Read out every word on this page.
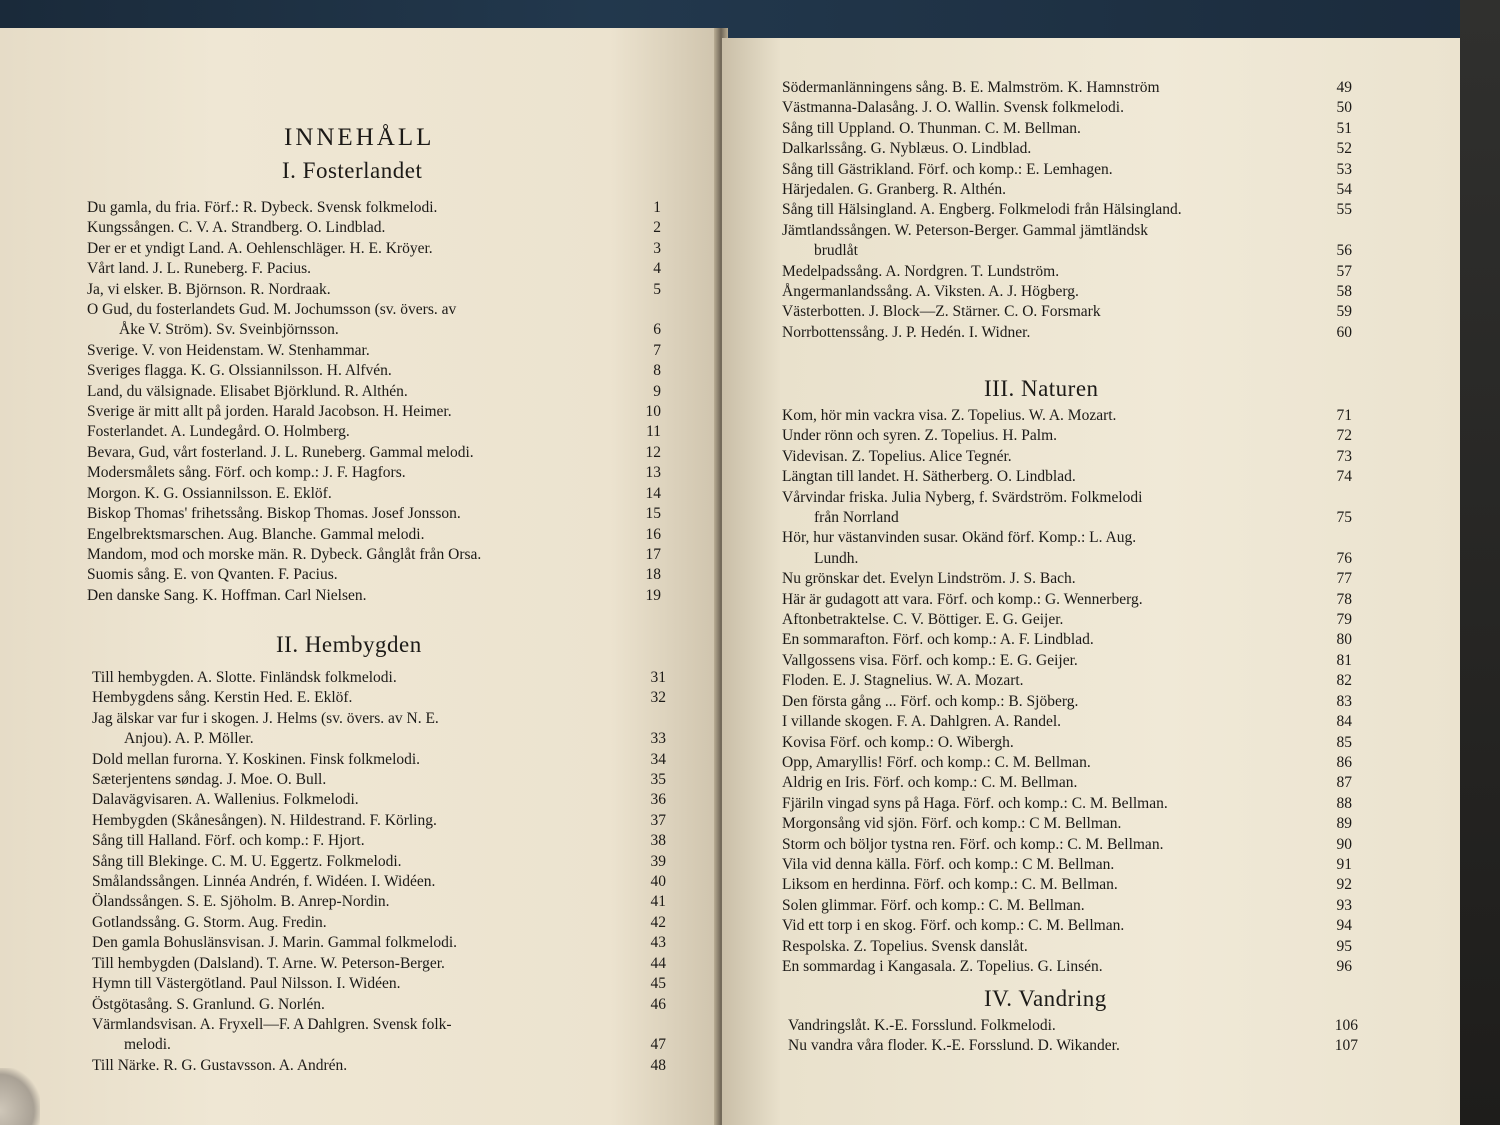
INNEHÅLL
I. Fosterlandet
Du gamla, du fria. Förf.: R. Dybeck. Svensk folkmelodi.	1
Kungssången. C. V. A. Strandberg. O. Lindblad.	2
Der er et yndigt Land. A. Oehlenschläger. H. E. Kröyer.	3
Vårt land. J. L. Runeberg. F. Pacius.	4
Ja, vi elsker. B. Björnson. R. Nordraak.	5
O Gud, du fosterlandets Gud. M. Jochumsson (sv. övers. av
Åke V. Ström). Sv. Sveinbjörnsson.	6
Sverige. V. von Heidenstam. W. Stenhammar.	7
Sveriges flagga. K. G. Olssiannilsson. H. Alfvén.	8
Land, du välsignade. Elisabet Björklund. R. Althén.	9
Sverige är mitt allt på jorden. Harald Jacobson. H. Heimer.	10
Fosterlandet. A. Lundegård. O. Holmberg.	11
Bevara, Gud, vårt fosterland. J. L. Runeberg. Gammal melodi.	12
Modersmålets sång. Förf. och komp.: J. F. Hagfors.	13
Morgon. K. G. Ossiannilsson. E. Eklöf.	14
Biskop Thomas' frihetssång. Biskop Thomas. Josef Jonsson.	15
Engelbrektsmarschen. Aug. Blanche. Gammal melodi.	16
Mandom, mod och morske män. R. Dybeck. Gånglåt från Orsa.	17
Suomis sång. E. von Qvanten. F. Pacius.	18
Den danske Sang. K. Hoffman. Carl Nielsen.	19
II. Hembygden
Till hembygden. A. Slotte. Finländsk folkmelodi.	31
Hembygdens sång. Kerstin Hed. E. Eklöf.	32
Jag älskar var fur i skogen. J. Helms (sv. övers. av N. E.
Anjou). A. P. Möller.	33
Dold mellan furorna. Y. Koskinen. Finsk folkmelodi.	34
Sæterjentens søndag. J. Moe. O. Bull.	35
Dalavägvisaren. A. Wallenius. Folkmelodi.	36
Hembygden (Skånesången). N. Hildestrand. F. Körling.	37
Sång till Halland. Förf. och komp.: F. Hjort.	38
Sång till Blekinge. C. M. U. Eggertz. Folkmelodi.	39
Smålandssången. Linnéa Andrén, f. Widéen. I. Widéen.	40
Ölandssången. S. E. Sjöholm. B. Anrep-Nordin.	41
Gotlandssång. G. Storm. Aug. Fredin.	42
Den gamla Bohuslänsvisan. J. Marin. Gammal folkmelodi.	43
Till hembygden (Dalsland). T. Arne. W. Peterson-Berger.	44
Hymn till Västergötland. Paul Nilsson. I. Widéen.	45
Östgötasång. S. Granlund. G. Norlén.	46
Värmlandsvisan. A. Fryxell—F. A Dahlgren. Svensk folk-
melodi.	47
Till Närke. R. G. Gustavsson. A. Andrén.	48
Södermanlänningens sång. B. E. Malmström. K. Hamnström	49
Västmanna-Dalasång. J. O. Wallin. Svensk folkmelodi.	50
Sång till Uppland. O. Thunman. C. M. Bellman.	51
Dalkarlssång. G. Nyblæus. O. Lindblad.	52
Sång till Gästrikland. Förf. och komp.: E. Lemhagen.	53
Härjedalen. G. Granberg. R. Althén.	54
Sång till Hälsingland. A. Engberg. Folkmelodi från Hälsingland.	55
Jämtlandssången. W. Peterson-Berger. Gammal jämtländsk
brudlåt	56
Medelpadssång. A. Nordgren. T. Lundström.	57
Ångermanlandssång. A. Viksten. A. J. Högberg.	58
Västerbotten. J. Block—Z. Stärner. C. O. Forsmark	59
Norrbottenssång. J. P. Hedén. I. Widner.	60
III. Naturen
Kom, hör min vackra visa. Z. Topelius. W. A. Mozart.	71
Under rönn och syren. Z. Topelius. H. Palm.	72
Videvisan. Z. Topelius. Alice Tegnér.	73
Längtan till landet. H. Sätherberg. O. Lindblad.	74
Vårvindar friska. Julia Nyberg, f. Svärdström. Folkmelodi
från Norrland	75
Hör, hur västanvinden susar. Okänd förf. Komp.: L. Aug.
Lundh.	76
Nu grönskar det. Evelyn Lindström. J. S. Bach.	77
Här är gudagott att vara. Förf. och komp.: G. Wennerberg.	78
Aftonbetraktelse. C. V. Böttiger. E. G. Geijer.	79
En sommarafton. Förf. och komp.: A. F. Lindblad.	80
Vallgossens visa. Förf. och komp.: E. G. Geijer.	81
Floden. E. J. Stagnelius. W. A. Mozart.	82
Den första gång ... Förf. och komp.: B. Sjöberg.	83
I villande skogen. F. A. Dahlgren. A. Randel.	84
Kovisa Förf. och komp.: O. Wibergh.	85
Opp, Amaryllis! Förf. och komp.: C. M. Bellman.	86
Aldrig en Iris. Förf. och komp.: C. M. Bellman.	87
Fjäriln vingad syns på Haga. Förf. och komp.: C. M. Bellman.	88
Morgonsång vid sjön. Förf. och komp.: C M. Bellman.	89
Storm och böljor tystna ren. Förf. och komp.: C. M. Bellman.	90
Vila vid denna källa. Förf. och komp.: C M. Bellman.	91
Liksom en herdinna. Förf. och komp.: C. M. Bellman.	92
Solen glimmar. Förf. och komp.: C. M. Bellman.	93
Vid ett torp i en skog. Förf. och komp.: C. M. Bellman.	94
Respolska. Z. Topelius. Svensk danslåt.	95
En sommardag i Kangasala. Z. Topelius. G. Linsén.	96
IV. Vandring
Vandringslåt. K.-E. Forsslund. Folkmelodi.	106
Nu vandra våra floder. K.-E. Forsslund. D. Wikander.	107
